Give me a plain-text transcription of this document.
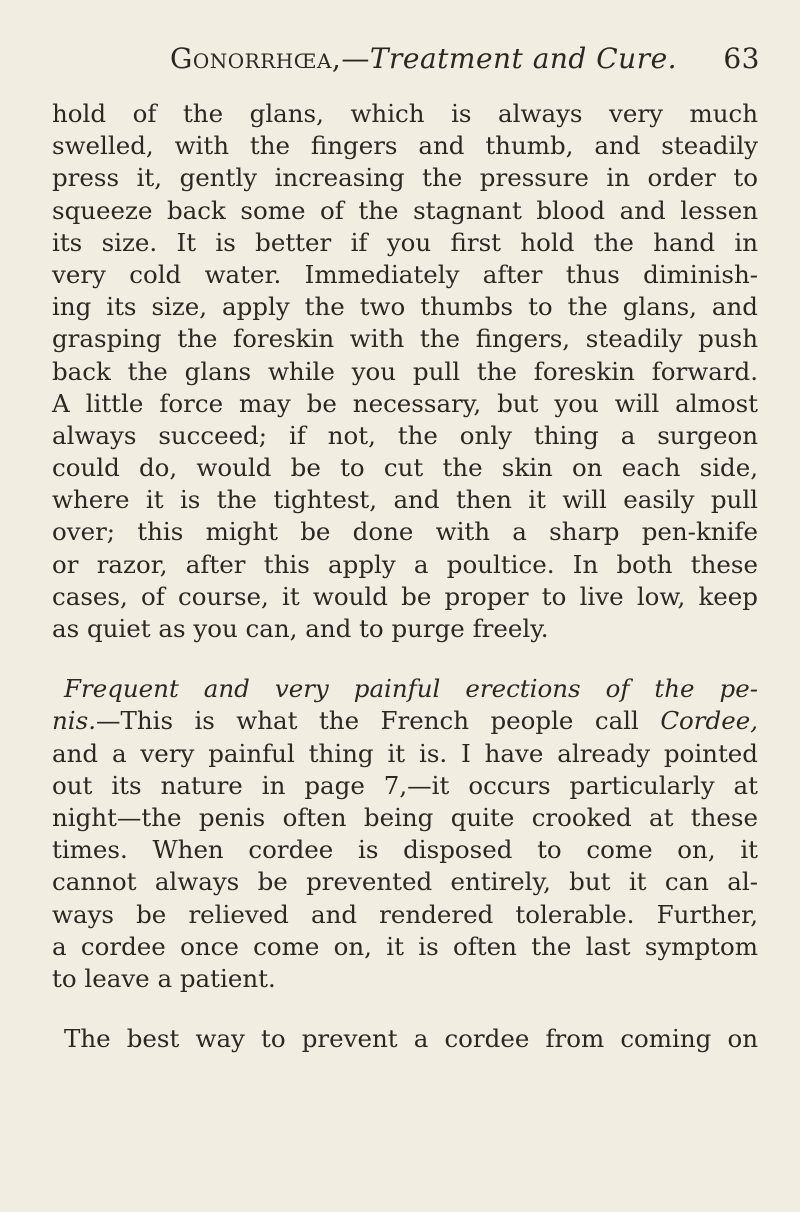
Gonorrhœa,—Treatment and Cure. 63
hold of the glans, which is always very much
swelled, with the fingers and thumb, and steadily
press it, gently increasing the pressure in order to
squeeze back some of the stagnant blood and lessen
its size. It is better if you first hold the hand in
very cold water. Immediately after thus diminish-
ing its size, apply the two thumbs to the glans, and
grasping the foreskin with the fingers, steadily push
back the glans while you pull the foreskin forward.
A little force may be necessary, but you will almost
always succeed; if not, the only thing a surgeon
could do, would be to cut the skin on each side,
where it is the tightest, and then it will easily pull
over; this might be done with a sharp pen-knife
or razor, after this apply a poultice. In both these
cases, of course, it would be proper to live low, keep
as quiet as you can, and to purge freely.
Frequent and very painful erections of the pe-
nis.—This is what the French people call Cordee,
and a very painful thing it is. I have already pointed
out its nature in page 7,—it occurs particularly at
night—the penis often being quite crooked at these
times. When cordee is disposed to come on, it
cannot always be prevented entirely, but it can al-
ways be relieved and rendered tolerable. Further,
a cordee once come on, it is often the last symptom
to leave a patient.
The best way to prevent a cordee from coming on
